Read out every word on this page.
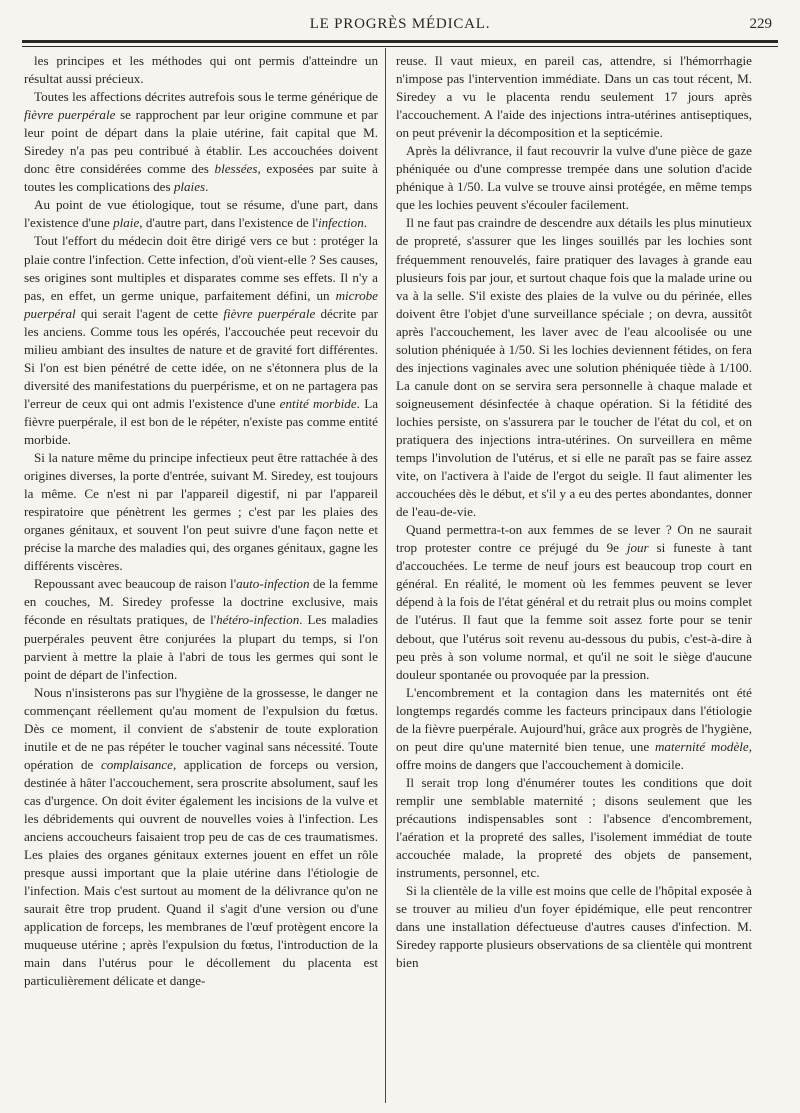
LE PROGRÈS MÉDICAL.	229

les principes et les méthodes qui ont permis d'atteindre un résultat aussi précieux.

Toutes les affections décrites autrefois sous le terme générique de fièvre puerpérale se rapprochent par leur origine commune et par leur point de départ dans la plaie utérine, fait capital que M. Siredey n'a pas peu contribué à établir. Les accouchées doivent donc être considérées comme des blessées, exposées par suite à toutes les complications des plaies.

Au point de vue étiologique, tout se résume, d'une part, dans l'existence d'une plaie, d'autre part, dans l'existence de l'infection.

Tout l'effort du médecin doit être dirigé vers ce but : protéger la plaie contre l'infection. Cette infection, d'où vient-elle ? Ses causes, ses origines sont multiples et disparates comme ses effets. Il n'y a pas, en effet, un germe unique, parfaitement défini, un microbe puerpéral qui serait l'agent de cette fièvre puerpérale décrite par les anciens. Comme tous les opérés, l'accouchée peut recevoir du milieu ambiant des insultes de nature et de gravité fort différentes. Si l'on est bien pénétré de cette idée, on ne s'étonnera plus de la diversité des manifestations du puerpérisme, et on ne partagera pas l'erreur de ceux qui ont admis l'existence d'une entité morbide. La fièvre puerpérale, il est bon de le répéter, n'existe pas comme entité morbide.

Si la nature même du principe infectieux peut être rattachée à des origines diverses, la porte d'entrée, suivant M. Siredey, est toujours la même. Ce n'est ni par l'appareil digestif, ni par l'appareil respiratoire que pénètrent les germes ; c'est par les plaies des organes génitaux, et souvent l'on peut suivre d'une façon nette et précise la marche des maladies qui, des organes génitaux, gagne les différents viscères.

Repoussant avec beaucoup de raison l'auto-infection de la femme en couches, M. Siredey professe la doctrine exclusive, mais féconde en résultats pratiques, de l'hétéro-infection. Les maladies puerpérales peuvent être conjurées la plupart du temps, si l'on parvient à mettre la plaie à l'abri de tous les germes qui sont le point de départ de l'infection.

Nous n'insisterons pas sur l'hygiène de la grossesse, le danger ne commençant réellement qu'au moment de l'expulsion du fœtus. Dès ce moment, il convient de s'abstenir de toute exploration inutile et de ne pas répéter le toucher vaginal sans nécessité. Toute opération de complaisance, application de forceps ou version, destinée à hâter l'accouchement, sera proscrite absolument, sauf les cas d'urgence. On doit éviter également les incisions de la vulve et les débridements qui ouvrent de nouvelles voies à l'infection. Les anciens accoucheurs faisaient trop peu de cas de ces traumatismes. Les plaies des organes génitaux externes jouent en effet un rôle presque aussi important que la plaie utérine dans l'étiologie de l'infection. Mais c'est surtout au moment de la délivrance qu'on ne saurait être trop prudent. Quand il s'agit d'une version ou d'une application de forceps, les membranes de l'œuf protègent encore la muqueuse utérine ; après l'expulsion du fœtus, l'introduction de la main dans l'utérus pour le décollement du placenta est particulièrement délicate et dange-

reuse. Il vaut mieux, en pareil cas, attendre, si l'hémorrhagie n'impose pas l'intervention immédiate. Dans un cas tout récent, M. Siredey a vu le placenta rendu seulement 17 jours après l'accouchement. A l'aide des injections intra-utérines antiseptiques, on peut prévenir la décomposition et la septicémie.

Après la délivrance, il faut recouvrir la vulve d'une pièce de gaze phéniquée ou d'une compresse trempée dans une solution d'acide phénique à 1/50. La vulve se trouve ainsi protégée, en même temps que les lochies peuvent s'écouler facilement.

Il ne faut pas craindre de descendre aux détails les plus minutieux de propreté, s'assurer que les linges souillés par les lochies sont fréquemment renouvelés, faire pratiquer des lavages à grande eau plusieurs fois par jour, et surtout chaque fois que la malade urine ou va à la selle. S'il existe des plaies de la vulve ou du périnée, elles doivent être l'objet d'une surveillance spéciale ; on devra, aussitôt après l'accouchement, les laver avec de l'eau alcoolisée ou une solution phéniquée à 1/50. Si les lochies deviennent fétides, on fera des injections vaginales avec une solution phéniquée tiède à 1/100. La canule dont on se servira sera personnelle à chaque malade et soigneusement désinfectée à chaque opération. Si la fétidité des lochies persiste, on s'assurera par le toucher de l'état du col, et on pratiquera des injections intra-utérines. On surveillera en même temps l'involution de l'utérus, et si elle ne paraît pas se faire assez vite, on l'activera à l'aide de l'ergot du seigle. Il faut alimenter les accouchées dès le début, et s'il y a eu des pertes abondantes, donner de l'eau-de-vie.

Quand permettra-t-on aux femmes de se lever ? On ne saurait trop protester contre ce préjugé du 9e jour si funeste à tant d'accouchées. Le terme de neuf jours est beaucoup trop court en général. En réalité, le moment où les femmes peuvent se lever dépend à la fois de l'état général et du retrait plus ou moins complet de l'utérus. Il faut que la femme soit assez forte pour se tenir debout, que l'utérus soit revenu au-dessous du pubis, c'est-à-dire à peu près à son volume normal, et qu'il ne soit le siège d'aucune douleur spontanée ou provoquée par la pression.

L'encombrement et la contagion dans les maternités ont été longtemps regardés comme les facteurs principaux dans l'étiologie de la fièvre puerpérale. Aujourd'hui, grâce aux progrès de l'hygiène, on peut dire qu'une maternité bien tenue, une maternité modèle, offre moins de dangers que l'accouchement à domicile.

Il serait trop long d'énumérer toutes les conditions que doit remplir une semblable maternité ; disons seulement que les précautions indispensables sont : l'absence d'encombrement, l'aération et la propreté des salles, l'isolement immédiat de toute accouchée malade, la propreté des objets de pansement, instruments, personnel, etc.

Si la clientèle de la ville est moins que celle de l'hôpital exposée à se trouver au milieu d'un foyer épidémique, elle peut rencontrer dans une installation défectueuse d'autres causes d'infection. M. Siredey rapporte plusieurs observations de sa clientèle qui montrent bien
